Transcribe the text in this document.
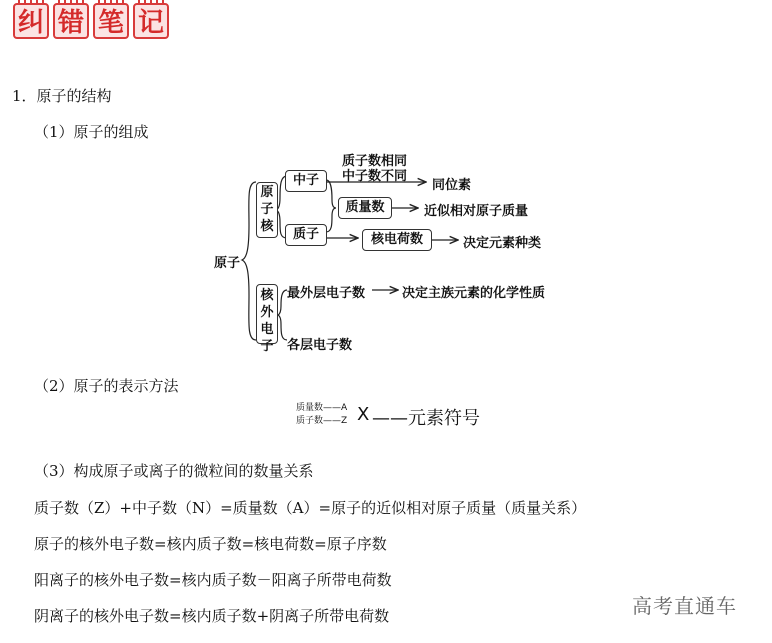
纠 错 笔 记
1．原子的结构
（1）原子的组成
原子
原子核
中子
质子
质量数
核电荷数
质子数相同
中子数不同
同位素
近似相对原子质量
决定元素种类
核外电子
最外层电子数	决定主族元素的化学性质
各层电子数
（2）原子的表示方法
质量数——A
质子数——Z X ——元素符号
（3）构成原子或离子的微粒间的数量关系
质子数（Z）+中子数（N）=质量数（A）=原子的近似相对原子质量（质量关系）
原子的核外电子数=核内质子数=核电荷数=原子序数
阳离子的核外电子数=核内质子数－阳离子所带电荷数
阴离子的核外电子数=核内质子数+阴离子所带电荷数	高考直通车
